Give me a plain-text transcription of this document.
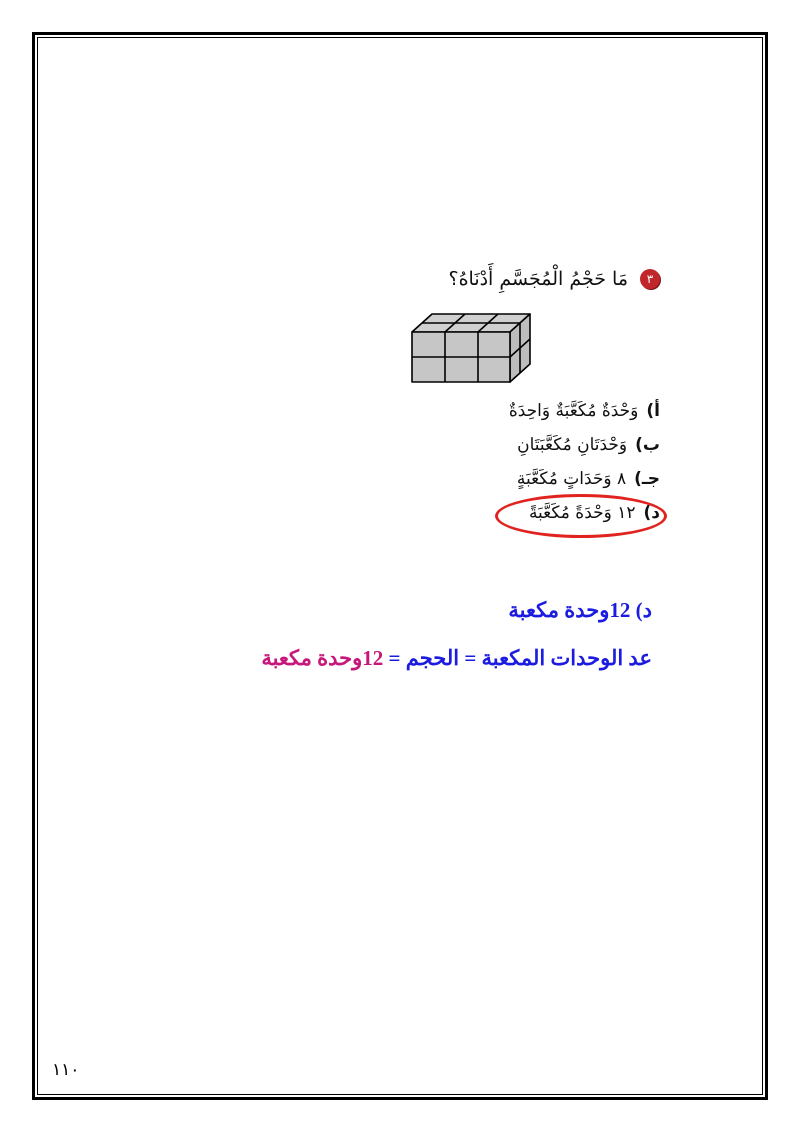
٣
مَا حَجْمُ الْمُجَسَّمِ أَدْنَاهُ؟
أ)
وَحْدَةٌ مُكَعَّبَةٌ وَاحِدَةٌ
ب)
وَحْدَتَانِ مُكَعَّبَتَانِ
جـ)
٨ وَحَدَاتٍ مُكَعَّبَةٍ
د)
١٢ وَحْدَةً مُكَعَّبَةً
د) 12وحدة مكعبة
عد الوحدات المكعبة = الحجم = 12وحدة مكعبة
١١٠
